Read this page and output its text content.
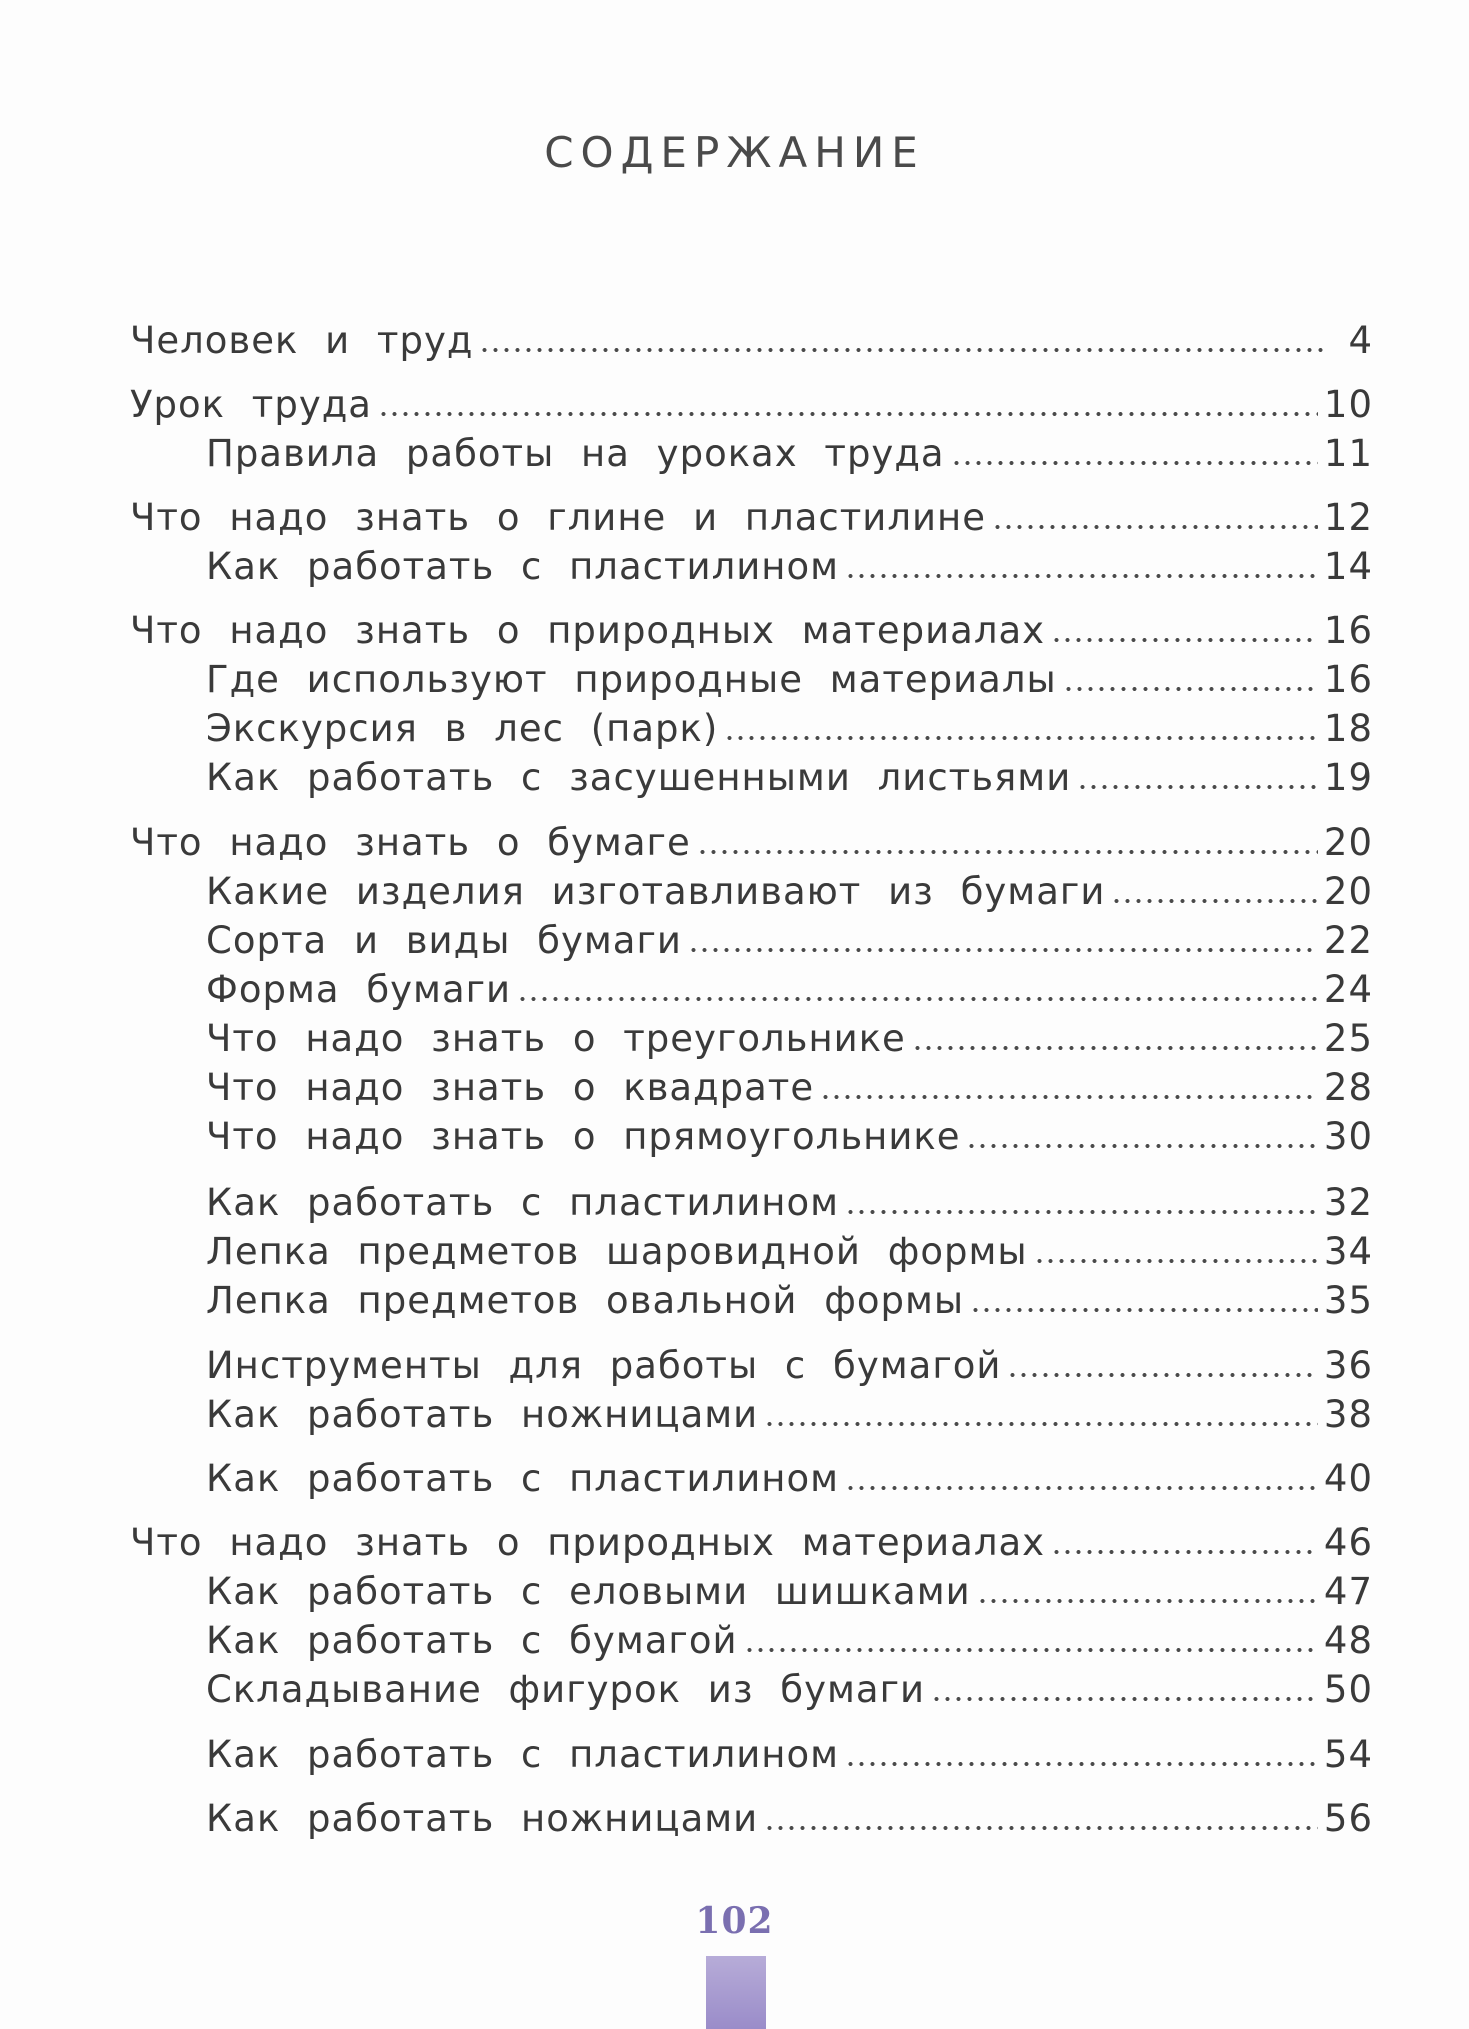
СОДЕРЖАНИЕ
Человек и труд	4
Урок труда	10
Правила работы на уроках труда	11
Что надо знать о глине и пластилине	12
Как работать с пластилином	14
Что надо знать о природных материалах	16
Где используют природные материалы	16
Экскурсия в лес (парк)	18
Как работать с засушенными листьями	19
Что надо знать о бумаге	20
Какие изделия изготавливают из бумаги	20
Сорта и виды бумаги	22
Форма бумаги	24
Что надо знать о треугольнике	25
Что надо знать о квадрате	28
Что надо знать о прямоугольнике	30
Как работать с пластилином	32
Лепка предметов шаровидной формы	34
Лепка предметов овальной формы	35
Инструменты для работы с бумагой	36
Как работать ножницами	38
Как работать с пластилином	40
Что надо знать о природных материалах	46
Как работать с еловыми шишками	47
Как работать с бумагой	48
Складывание фигурок из бумаги	50
Как работать с пластилином	54
Как работать ножницами	56
102
